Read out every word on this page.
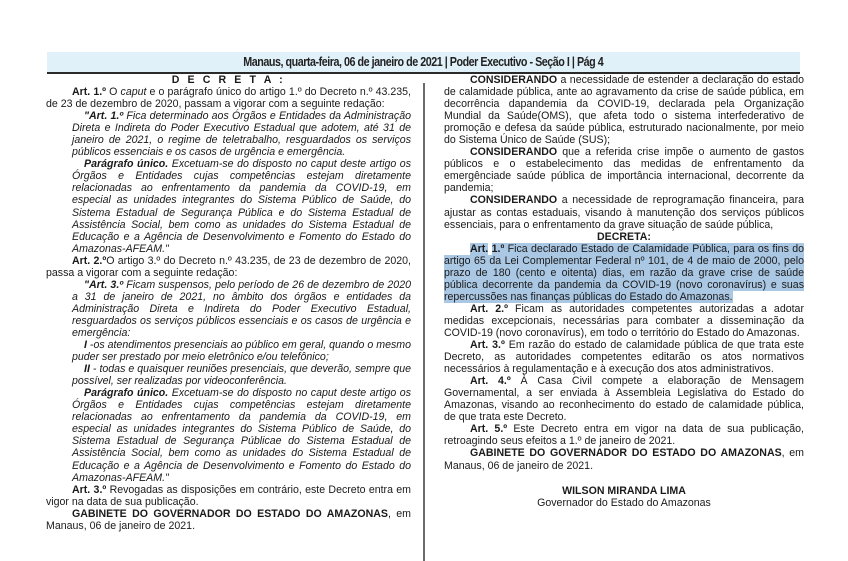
Manaus, quarta-feira, 06 de janeiro de 2021 | Poder Executivo - Seção I | Pág 4

D E C R E T A :

Art. 1.º O caput e o parágrafo único do artigo 1.º do Decreto n.º 43.235, de 23 de dezembro de 2020, passam a vigorar com a seguinte redação:

"Art. 1.º Fica determinado aos Órgãos e Entidades da Administração Direta e Indireta do Poder Executivo Estadual que adotem, até 31 de janeiro de 2021, o regime de teletrabalho, resguardados os serviços públicos essenciais e os casos de urgência e emergência.

Parágrafo único. Excetuam-se do disposto no caput deste artigo os Órgãos e Entidades cujas competências estejam diretamente relacionadas ao enfrentamento da pandemia da COVID-19, em especial as unidades integrantes do Sistema Público de Saúde, do Sistema Estadual de Segurança Pública e do Sistema Estadual de Assistência Social, bem como as unidades do Sistema Estadual de Educação e a Agência de Desenvolvimento e Fomento do Estado do Amazonas-AFEAM."

Art. 2.ºO artigo 3.º do Decreto n.º 43.235, de 23 de dezembro de 2020, passa a vigorar com a seguinte redação:

"Art. 3.º Ficam suspensos, pelo período de 26 de dezembro de 2020 a 31 de janeiro de 2021, no âmbito dos órgãos e entidades da Administração Direta e Indireta do Poder Executivo Estadual, resguardados os serviços públicos essenciais e os casos de urgência e emergência:

I -os atendimentos presenciais ao público em geral, quando o mesmo puder ser prestado por meio eletrônico e/ou telefônico;

II - todas e quaisquer reuniões presenciais, que deverão, sempre que possível, ser realizadas por videoconferência.

Parágrafo único. Excetuam-se do disposto no caput deste artigo os Órgãos e Entidades cujas competências estejam diretamente relacionadas ao enfrentamento da pandemia da COVID-19, em especial as unidades integrantes do Sistema Público de Saúde, do Sistema Estadual de Segurança Públicae do Sistema Estadual de Assistência Social, bem como as unidades do Sistema Estadual de Educação e a Agência de Desenvolvimento e Fomento do Estado do Amazonas-AFEAM."

Art. 3.º Revogadas as disposições em contrário, este Decreto entra em vigor na data de sua publicação.

GABINETE DO GOVERNADOR DO ESTADO DO AMAZONAS, em Manaus, 06 de janeiro de 2021.

CONSIDERANDO a necessidade de estender a declaração do estado de calamidade pública, ante ao agravamento da crise de saúde pública, em decorrência dapandemia da COVID-19, declarada pela Organização Mundial da Saúde(OMS), que afeta todo o sistema interfederativo de promoção e defesa da saúde pública, estruturado nacionalmente, por meio do Sistema Único de Saúde (SUS);

CONSIDERANDO que a referida crise impõe o aumento de gastos públicos e o estabelecimento das medidas de enfrentamento da emergênciade saúde pública de importância internacional, decorrente da pandemia;

CONSIDERANDO a necessidade de reprogramação financeira, para ajustar as contas estaduais, visando à manutenção dos serviços públicos essenciais, para o enfrentamento da grave situação de saúde pública,

DECRETA:

Art. 1.º Fica declarado Estado de Calamidade Pública, para os fins do artigo 65 da Lei Complementar Federal nº 101, de 4 de maio de 2000, pelo prazo de 180 (cento e oitenta) dias, em razão da grave crise de saúde pública decorrente da pandemia da COVID-19 (novo coronavírus) e suas repercussões nas finanças públicas do Estado do Amazonas.

Art. 2.º Ficam as autoridades competentes autorizadas a adotar medidas excepcionais, necessárias para combater a disseminação da COVID-19 (novo coronavírus), em todo o território do Estado do Amazonas.

Art. 3.º Em razão do estado de calamidade pública de que trata este Decreto, as autoridades competentes editarão os atos normativos necessários à regulamentação e à execução dos atos administrativos.

Art. 4.º À Casa Civil compete a elaboração de Mensagem Governamental, a ser enviada à Assembleia Legislativa do Estado do Amazonas, visando ao reconhecimento do estado de calamidade pública, de que trata este Decreto.

Art. 5.º Este Decreto entra em vigor na data de sua publicação, retroagindo seus efeitos a 1.º de janeiro de 2021.

GABINETE DO GOVERNADOR DO ESTADO DO AMAZONAS, em Manaus, 06 de janeiro de 2021.

WILSON MIRANDA LIMA

Governador do Estado do Amazonas
